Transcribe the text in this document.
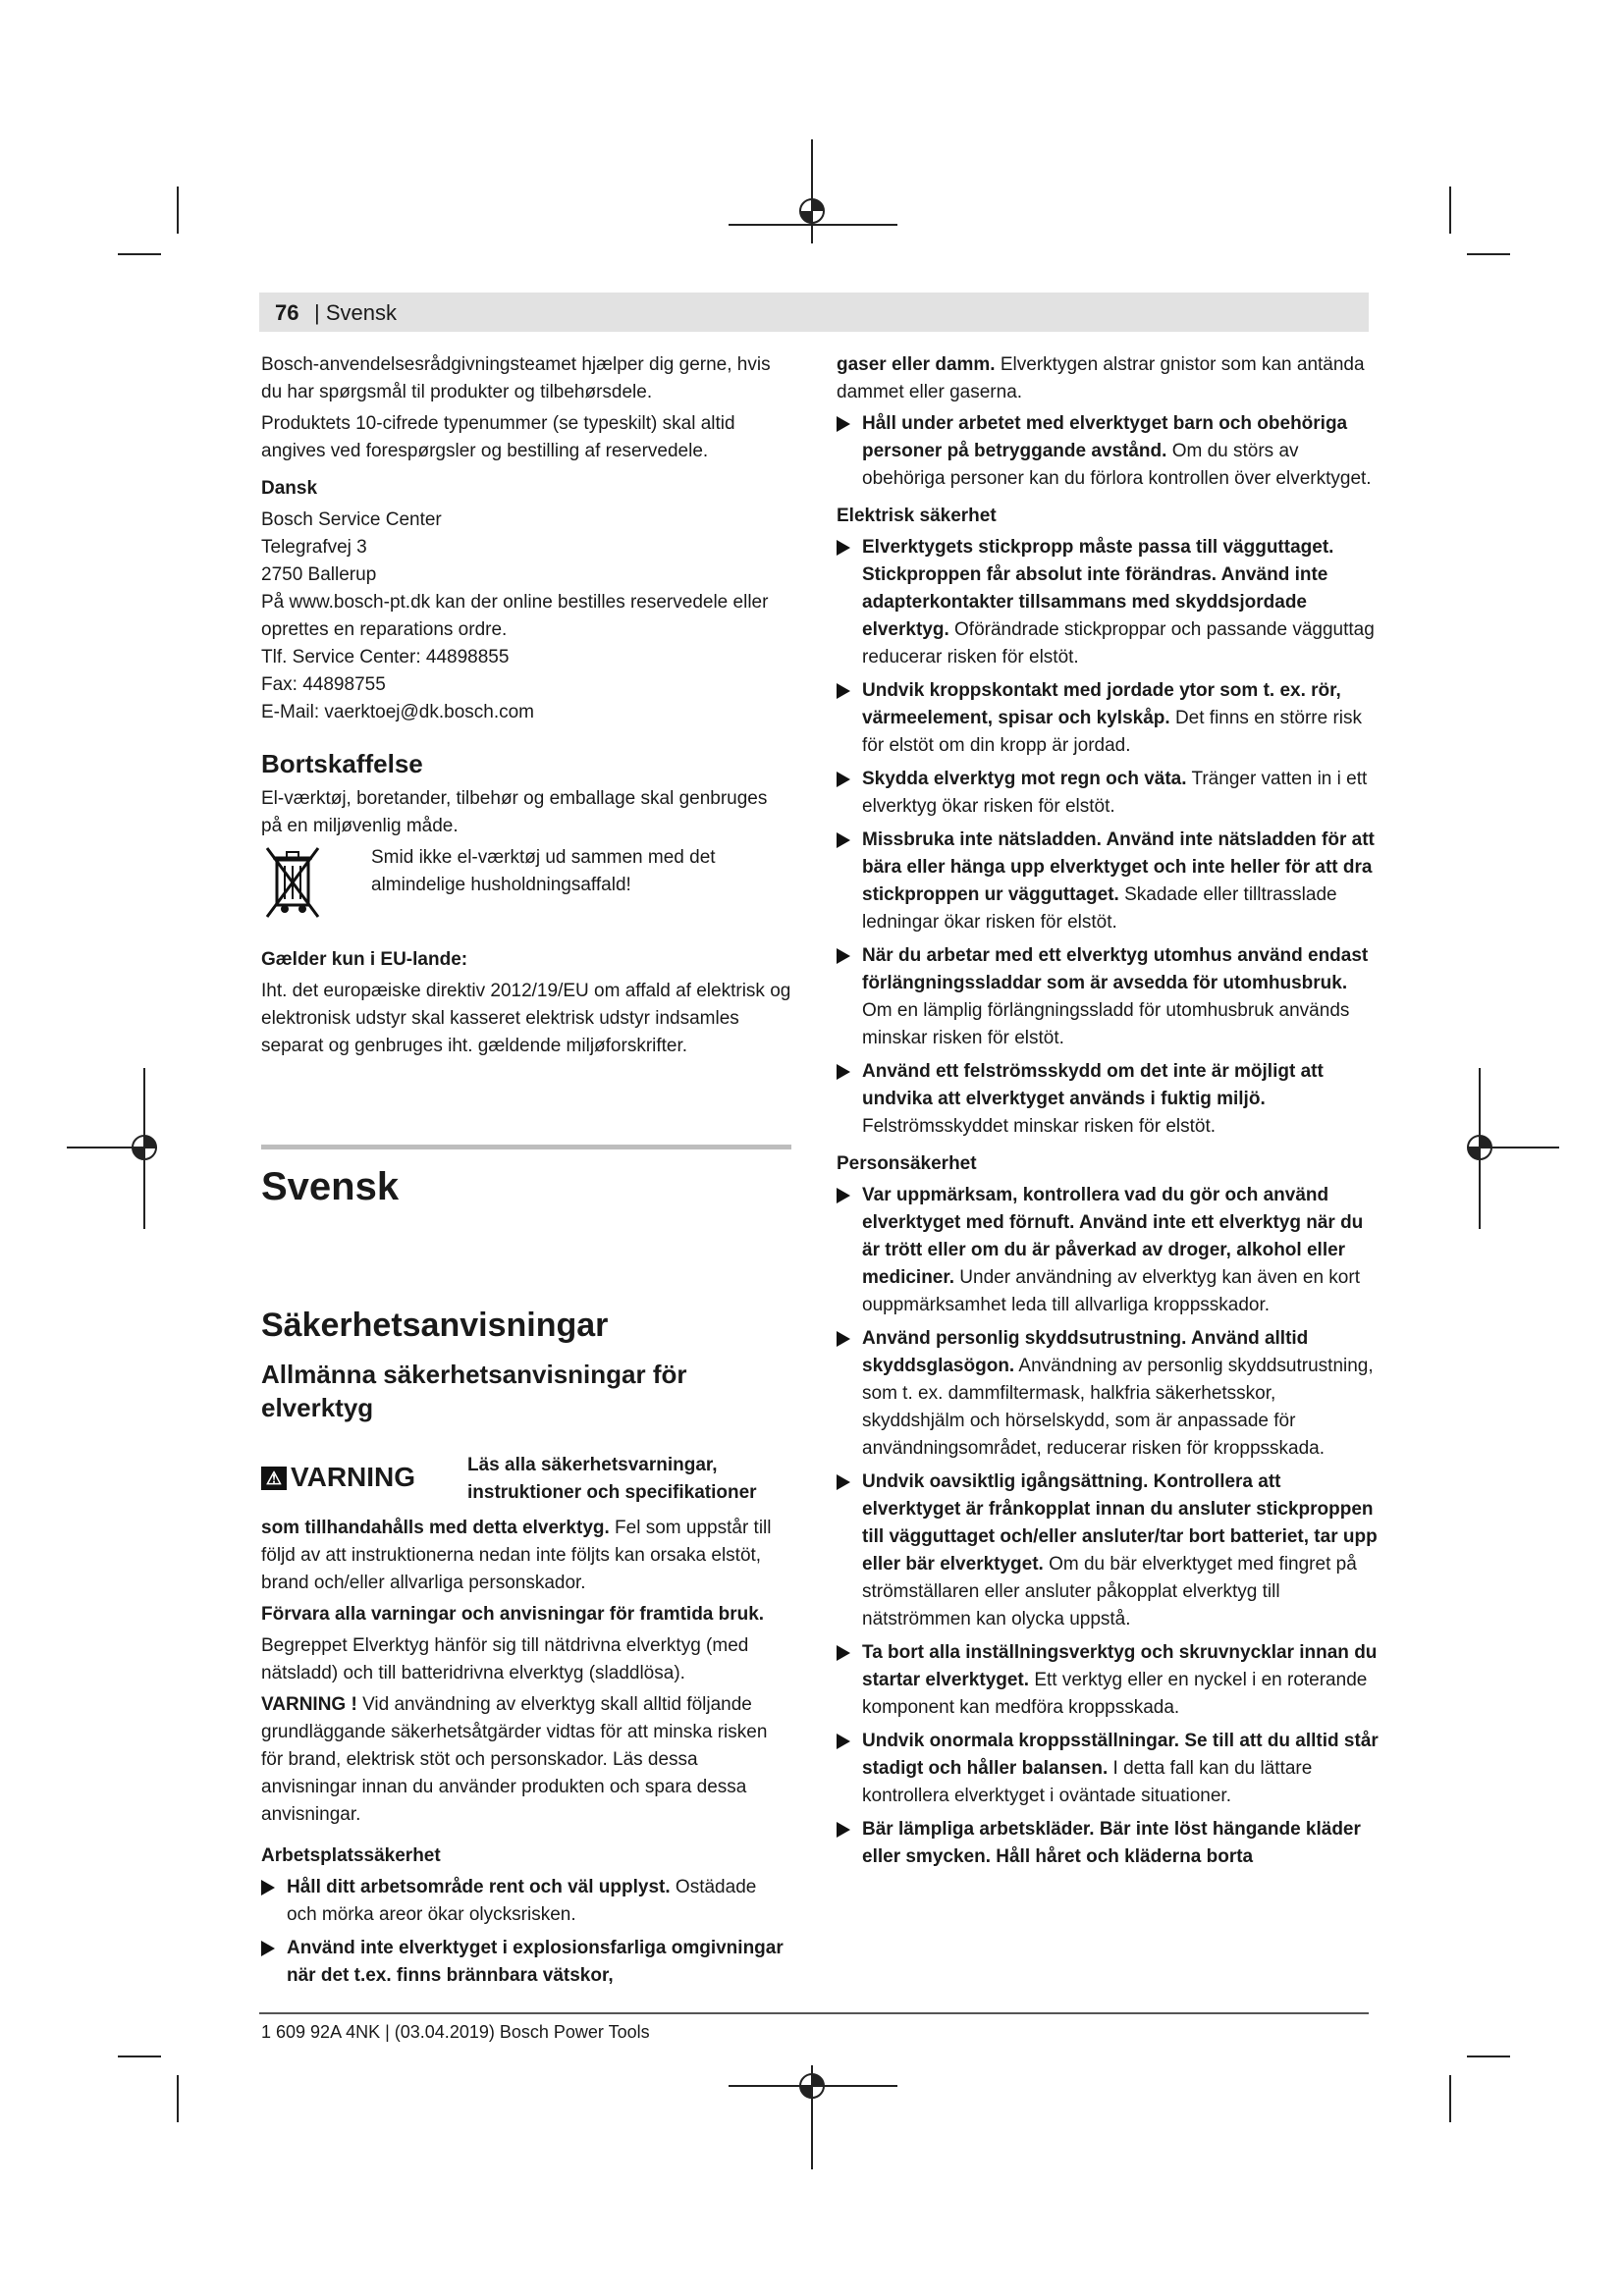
76 | Svensk

Bosch-anvendelsesrådgivningsteamet hjælper dig gerne, hvis du har spørgsmål til produkter og tilbehørsdele.

Produktets 10-cifrede typenummer (se typeskilt) skal altid angives ved forespørgsler og bestilling af reservedele.

Dansk
Bosch Service Center
Telegrafvej 3
2750 Ballerup
På www.bosch-pt.dk kan der online bestilles reservedele eller oprettes en reparations ordre.
Tlf. Service Center: 44898855
Fax: 44898755
E-Mail: vaerktoej@dk.bosch.com
Bortskaffelse

El-værktøj, boretander, tilbehør og emballage skal genbruges på en miljøvenlig måde.

Smid ikke el-værktøj ud sammen med det almindelige husholdningsaffald!
Gælder kun i EU-lande:

Iht. det europæiske direktiv 2012/19/EU om affald af elektrisk og elektronisk udstyr skal kasseret elektrisk udstyr indsamles separat og genbruges iht. gældende miljøforskrifter.

Svensk
Säkerhetsanvisningar
Allmänna säkerhetsanvisningar för elverktyg
⚠ VARNING	Läs alla säkerhetsvarningar, instruktioner och specifikationer

som tillhandahålls med detta elverktyg. Fel som uppstår till följd av att instruktionerna nedan inte följts kan orsaka elstöt, brand och/eller allvarliga personskador.

Förvara alla varningar och anvisningar för framtida bruk.

Begreppet Elverktyg hänför sig till nätdrivna elverktyg (med nätsladd) och till batteridrivna elverktyg (sladdlösa).

VARNING ! Vid användning av elverktyg skall alltid följande grundläggande säkerhetsåtgärder vidtas för att minska risken för brand, elektrisk stöt och personskador. Läs dessa anvisningar innan du använder produkten och spara dessa anvisningar.

Arbetsplatssäkerhet
Håll ditt arbetsområde rent och väl upplyst. Ostädade och mörka areor ökar olycksrisken.
Använd inte elverktyget i explosionsfarliga omgivningar när det t.ex. finns brännbara vätskor,

gaser eller damm. Elverktygen alstrar gnistor som kan antända dammet eller gaserna.

Håll under arbetet med elverktyget barn och obehöriga personer på betryggande avstånd. Om du störs av obehöriga personer kan du förlora kontrollen över elverktyget.
Elektrisk säkerhet
Elverktygets stickpropp måste passa till vägguttaget. Stickproppen får absolut inte förändras. Använd inte adapterkontakter tillsammans med skyddsjordade elverktyg. Oförändrade stickproppar och passande vägguttag reducerar risken för elstöt.
Undvik kroppskontakt med jordade ytor som t. ex. rör, värmeelement, spisar och kylskåp. Det finns en större risk för elstöt om din kropp är jordad.
Skydda elverktyg mot regn och väta. Tränger vatten in i ett elverktyg ökar risken för elstöt.
Missbruka inte nätsladden. Använd inte nätsladden för att bära eller hänga upp elverktyget och inte heller för att dra stickproppen ur vägguttaget. Skadade eller tilltrasslade ledningar ökar risken för elstöt.
När du arbetar med ett elverktyg utomhus använd endast förlängningssladdar som är avsedda för utomhusbruk. Om en lämplig förlängningssladd för utomhusbruk används minskar risken för elstöt.
Använd ett felströmsskydd om det inte är möjligt att undvika att elverktyget används i fuktig miljö. Felströmsskyddet minskar risken för elstöt.
Personsäkerhet
Var uppmärksam, kontrollera vad du gör och använd elverktyget med förnuft. Använd inte ett elverktyg när du är trött eller om du är påverkad av droger, alkohol eller mediciner. Under användning av elverktyg kan även en kort ouppmärksamhet leda till allvarliga kroppsskador.
Använd personlig skyddsutrustning. Använd alltid skyddsglasögon. Användning av personlig skyddsutrustning, som t. ex. dammfiltermask, halkfria säkerhetsskor, skyddshjälm och hörselskydd, som är anpassade för användningsområdet, reducerar risken för kroppsskada.
Undvik oavsiktlig igångsättning. Kontrollera att elverktyget är frånkopplat innan du ansluter stickproppen till vägguttaget och/eller ansluter/tar bort batteriet, tar upp eller bär elverktyget. Om du bär elverktyget med fingret på strömställaren eller ansluter påkopplat elverktyg till nätströmmen kan olycka uppstå.
Ta bort alla inställningsverktyg och skruvnycklar innan du startar elverktyget. Ett verktyg eller en nyckel i en roterande komponent kan medföra kroppsskada.
Undvik onormala kroppsställningar. Se till att du alltid står stadigt och håller balansen. I detta fall kan du lättare kontrollera elverktyget i oväntade situationer.
Bär lämpliga arbetskläder. Bär inte löst hängande kläder eller smycken. Håll håret och kläderna borta
1 609 92A 4NK | (03.04.2019) Bosch Power Tools
